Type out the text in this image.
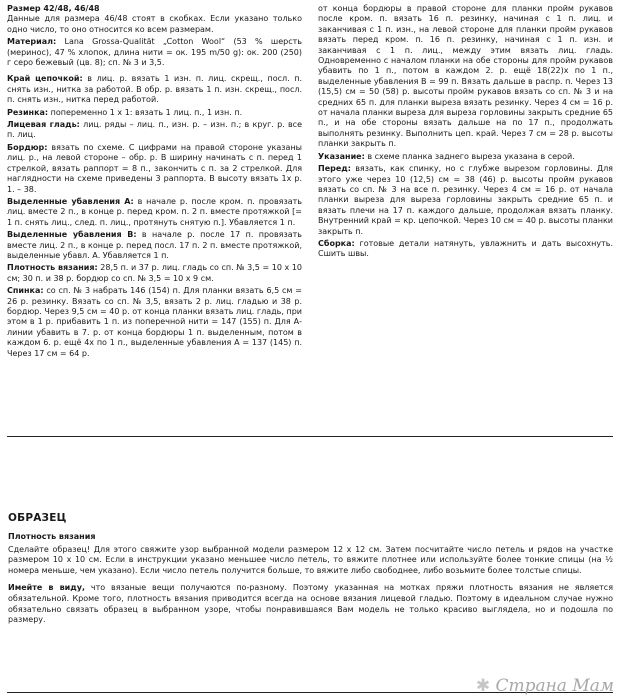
Размер 42/48, 46/48
Данные для размера 46/48 стоят в скобках. Если указано только одно число, то оно относится ко всем размерам.

Материал: Lana Grossa-Qualität „Cotton Wool“ (53 % шерсть (меринос), 47 % хлопок, длина нити = ок. 195 m/50 g): ок. 200 (250) г серо бежевый (цв. 8); сп. № 3 и 3,5.

Край цепочкой: в лиц. р. вязать 1 изн. п. лиц. скрещ., посл. п. снять изн., нитка за работой. В обр. р. вязать 1 п. изн. скрещ., посл. п. снять изн., нитка перед работой.

Резинка: попеременно 1 х 1: вязать 1 лиц. п., 1 изн. п.

Лицевая гладь: лиц. ряды – лиц. п., изн. р. – изн. п.; в круг. р. все п. лиц.

Бордюр: вязать по схеме. С цифрами на правой стороне указаны лиц. р., на левой стороне – обр. р. В ширину начинать с п. перед 1 стрелкой, вязать раппорт = 8 п., закончить с п. за 2 стрелкой. Для наглядности на схеме приведены 3 раппорта. В высоту вязать 1х р. 1. – 38.

Выделенные убавления А: в начале р. после кром. п. провязать лиц. вместе 2 п., в конце р. перед кром. п. 2 п. вместе протяжкой [= 1 п. снять лиц., след. п. лиц., протянуть снятую п.]. Убавляется 1 п.

Выделенные убавления В: в начале р. после 17 п. провязать вместе лиц. 2 п., в конце р. перед посл. 17 п. 2 п. вместе протяжкой, выделенные убавл. А. Убавляется 1 п.

Плотность вязания: 28,5 п. и 37 р. лиц. гладь со сп. № 3,5 = 10 х 10 см; 30 п. и 38 р. бордюр со сп. № 3,5 = 10 х 9 см.

Спинка: со сп. № 3 набрать 146 (154) п. Для планки вязать 6,5 см = 26 р. резинку. Вязать со сп. № 3,5, вязать 2 р. лиц. гладью и 38 р. бордюр. Через 9,5 см = 40 р. от конца планки вязать лиц. гладь, при этом в 1 р. прибавить 1 п. из поперечной нити = 147 (155) п. Для А-линии убавить в 7. р. от конца бордюры 1 п. выделенным, потом в каждом 6. р. ещё 4х по 1 п., выделенные убавления А = 137 (145) п. Через 17 см = 64 р.

от конца бордюры в правой стороне для планки пройм рукавов после кром. п. вязать 16 п. резинку, начиная с 1 п. лиц. и заканчивая с 1 п. изн., на левой стороне для планки пройм рукавов вязать перед кром. п. 16 п. резинку, начиная с 1 п. изн. и заканчивая с 1 п. лиц., между этим вязать лиц. гладь. Одновременно с началом планки на обе стороны для пройм рукавов убавить по 1 п., потом в каждом 2. р. ещё 18(22)х по 1 п., выделенные убавления В = 99 п. Вязать дальше в распр. п. Через 13 (15,5) см = 50 (58) р. высоты пройм рукавов вязать со сп. № 3 и на средних 65 п. для планки выреза вязать резинку. Через 4 см = 16 р. от начала планки выреза для выреза горловины закрыть средние 65 п., и на обе стороны вязать дальше на по 17 п., продолжать выполнять резинку. Выполнить цеп. край. Через 7 см = 28 р. высоты планки закрыть п.

Указание: в схеме планка заднего выреза указана в серой.

Перед: вязать, как спинку, но с глубже вырезом горловины. Для этого уже через 10 (12,5) см = 38 (46) р. высоты пройм рукавов вязать со сп. № 3 на все п. резинку. Через 4 см = 16 р. от начала планки выреза для выреза горловины закрыть средние 65 п. и вязать плечи на 17 п. каждого дальше, продолжая вязать планку. Внутренний край = кр. цепочкой. Через 10 см = 40 р. высоты планки закрыть п.

Сборка: готовые детали натянуть, увлажнить и дать высохнуть. Сшить швы.

ОБРАЗЕЦ

Плотность вязания

Сделайте образец! Для этого свяжите узор выбранной модели размером 12 х 12 см. Затем посчитайте число петель и рядов на участке размером 10 х 10 см. Если в инструкции указано меньшее число петель, то вяжите плотнее или используйте более тонкие спицы (на ½ номера меньше, чем указано). Если число петель получится больше, то вяжите либо свободнее, либо возьмите более толстые спицы.

Имейте в виду, что вязаные вещи получаются по-разному. Поэтому указанная на мотках пряжи плотность вязания не является обязательной. Кроме того, плотность вязания приводится всегда на основе вязания лицевой гладью. Поэтому в идеальном случае нужно обязательно связать образец в выбранном узоре, чтобы понравившаяся Вам модель не только красиво выглядела, но и подошла по размеру.

✱ Страна Мам
